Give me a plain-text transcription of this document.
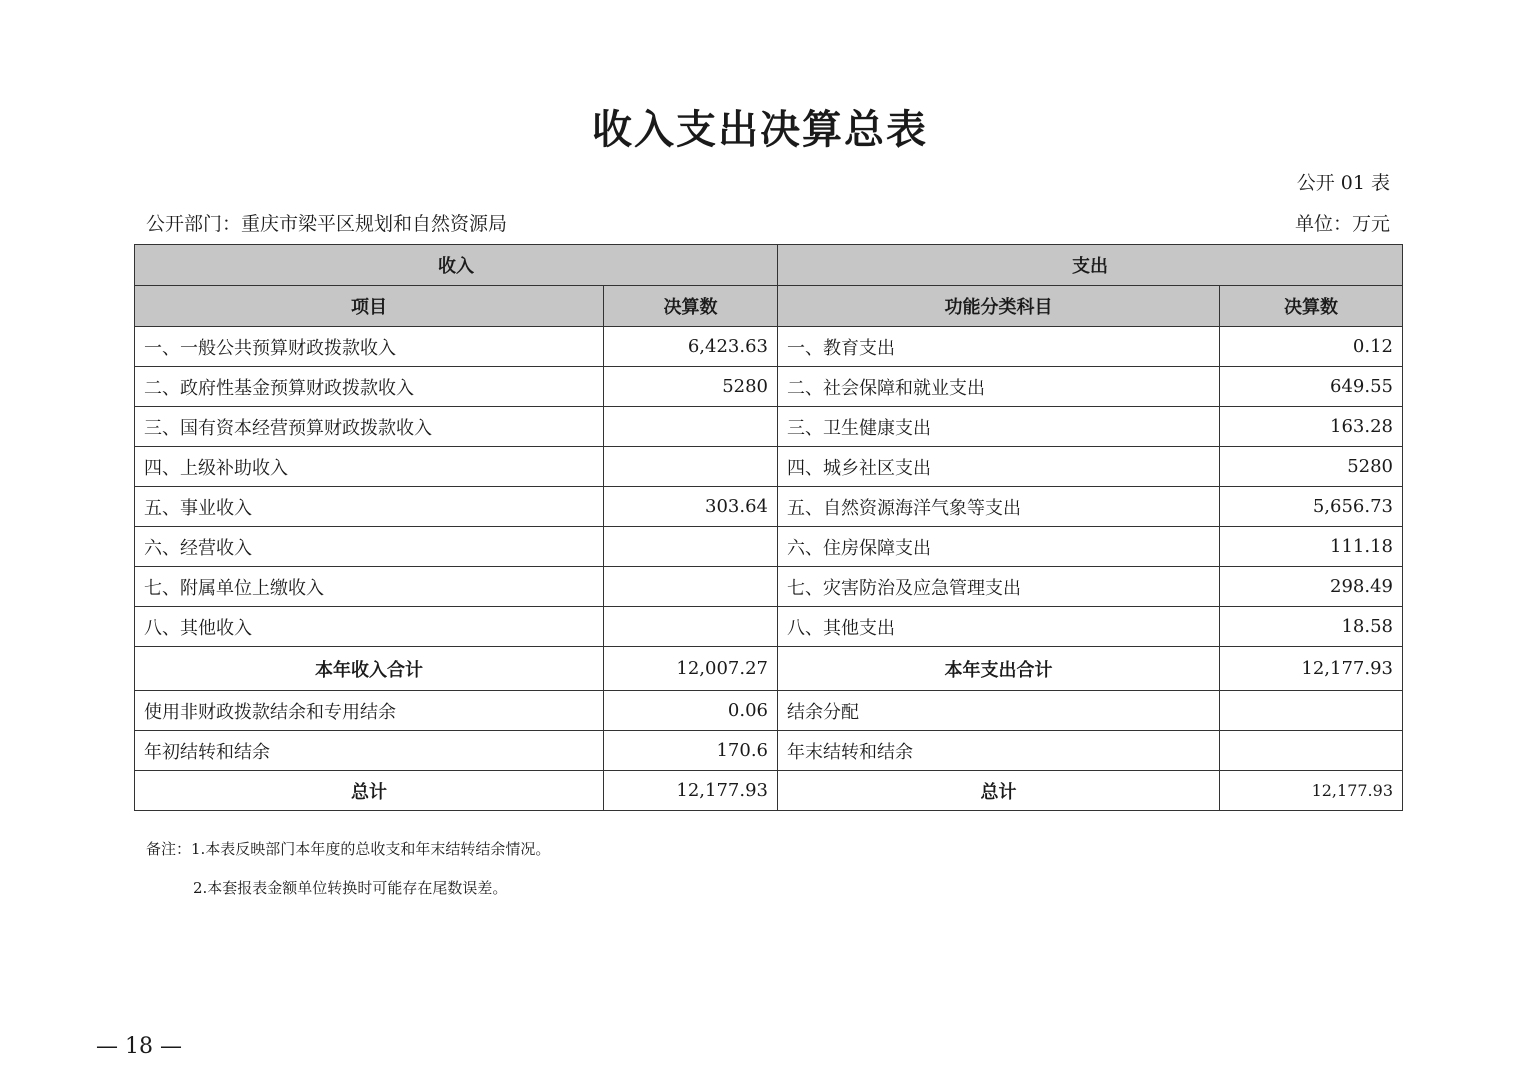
收入支出决算总表
公开 01 表
公开部门：重庆市梁平区规划和自然资源局	单位：万元
收入		支出	
项目	决算数	功能分类科目	决算数
一、一般公共预算财政拨款收入	6,423.63	一、教育支出	0.12
二、政府性基金预算财政拨款收入	5280	二、社会保障和就业支出	649.55
三、国有资本经营预算财政拨款收入		三、卫生健康支出	163.28
四、上级补助收入		四、城乡社区支出	5280
五、事业收入	303.64	五、自然资源海洋气象等支出	5,656.73
六、经营收入		六、住房保障支出	111.18
七、附属单位上缴收入		七、灾害防治及应急管理支出	298.49
八、其他收入		八、其他支出	18.58
本年收入合计	12,007.27	本年支出合计	12,177.93
使用非财政拨款结余和专用结余	0.06	结余分配	
年初结转和结余	170.6	年末结转和结余	
总计	12,177.93	总计	12,177.93
备注：1.本表反映部门本年度的总收支和年末结转结余情况。
2.本套报表金额单位转换时可能存在尾数误差。
— 18 —
